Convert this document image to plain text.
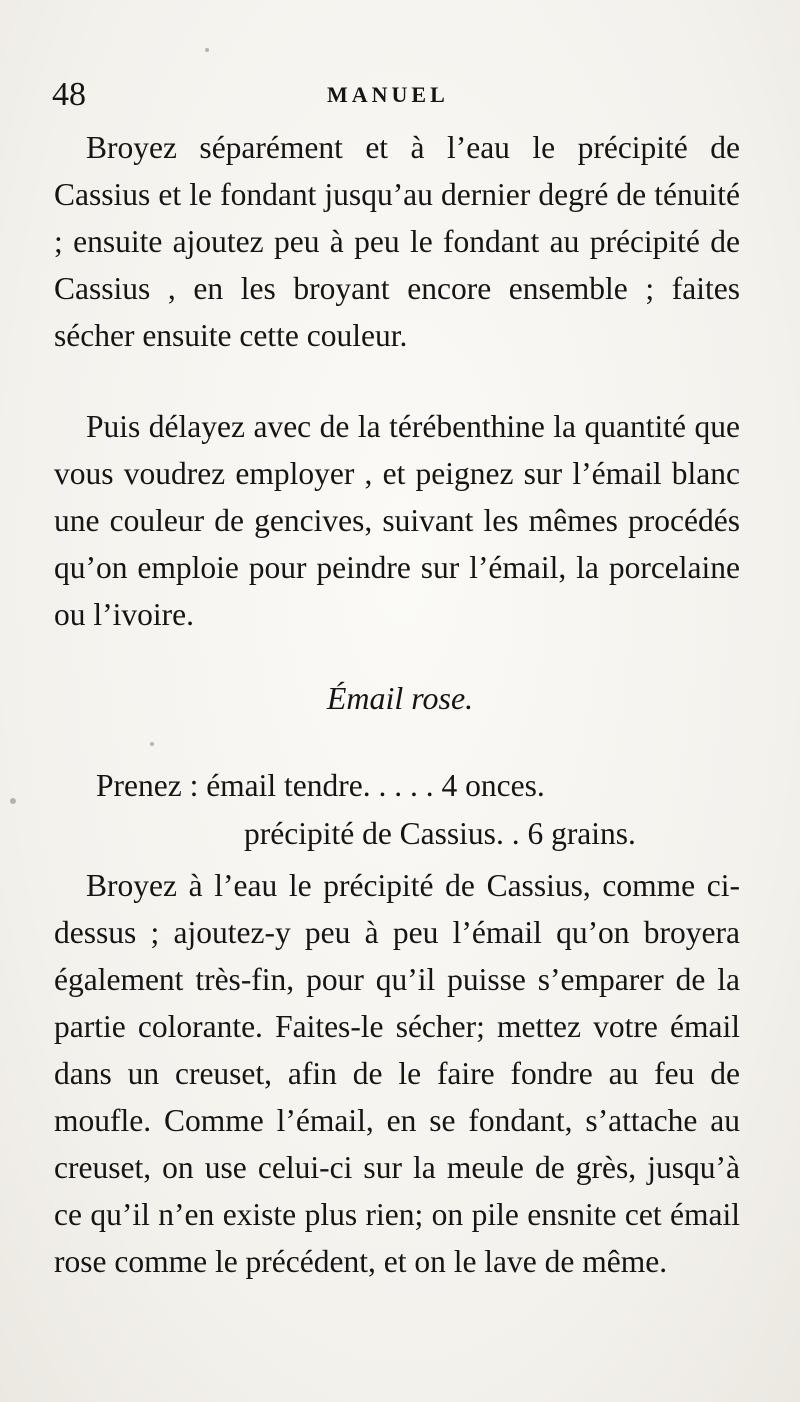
48	MANUEL

Broyez séparément et à l’eau le précipité de Cassius et le fondant jusqu’au dernier degré de ténuité ; ensuite ajoutez peu à peu le fondant au précipité de Cassius , en les broyant encore ensemble ; faites sécher ensuite cette couleur.

Puis délayez avec de la térébenthine la quantité que vous voudrez employer , et peignez sur l’émail blanc une couleur de gencives, suivant les mêmes procédés qu’on emploie pour peindre sur l’émail, la porcelaine ou l’ivoire.

Émail rose.
Prenez : émail tendre. . . . . 4 onces.
précipité de Cassius. . 6 grains.

Broyez à l’eau le précipité de Cassius, comme ci-dessus ; ajoutez-y peu à peu l’émail qu’on broyera également très-fin, pour qu’il puisse s’emparer de la partie colorante. Faites-le sécher; mettez votre émail dans un creuset, afin de le faire fondre au feu de moufle. Comme l’émail, en se fondant, s’attache au creuset, on use celui-ci sur la meule de grès, jusqu’à ce qu’il n’en existe plus rien; on pile ensnite cet émail rose comme le précédent, et on le lave de même.
